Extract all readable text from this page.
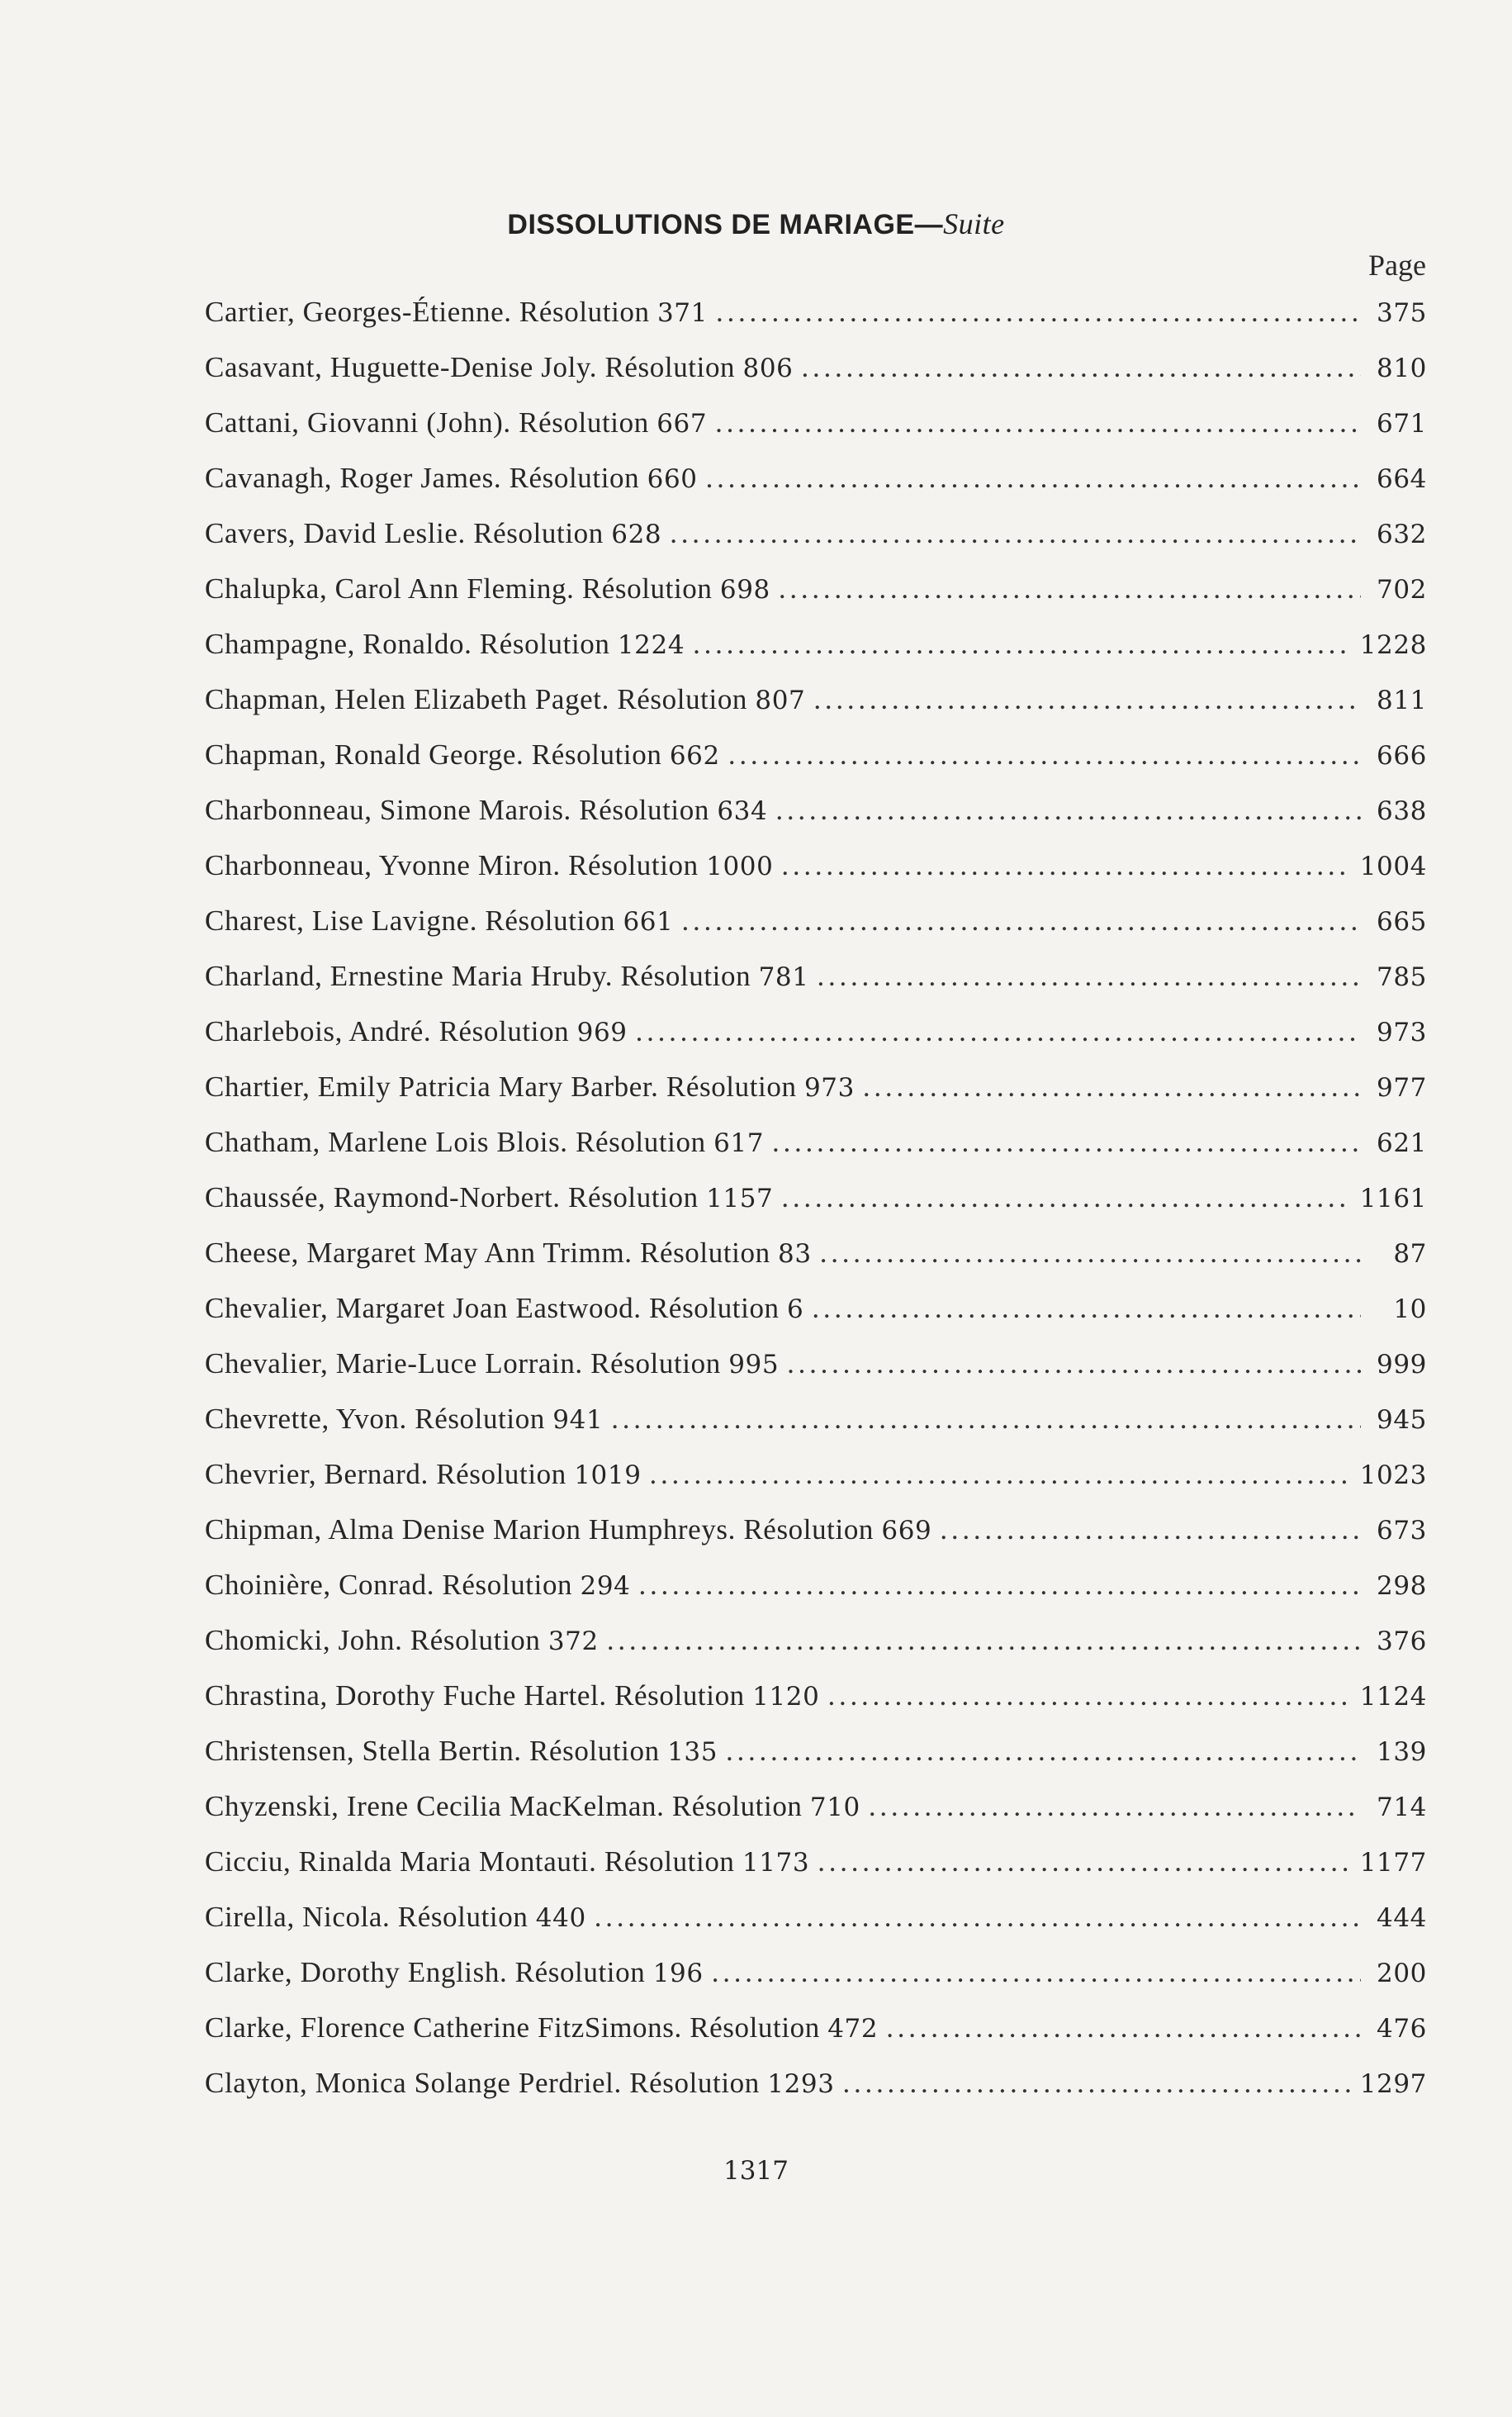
DISSOLUTIONS DE MARIAGE—Suite
Page
Cartier, Georges-Étienne. Résolution 371 . . .	375
Casavant, Huguette-Denise Joly. Résolution 806 . . .	810
Cattani, Giovanni (John). Résolution 667 . . .	671
Cavanagh, Roger James. Résolution 660 . . .	664
Cavers, David Leslie. Résolution 628 . . .	632
Chalupka, Carol Ann Fleming. Résolution 698 . . .	702
Champagne, Ronaldo. Résolution 1224 . . .	1228
Chapman, Helen Elizabeth Paget. Résolution 807 . . .	811
Chapman, Ronald George. Résolution 662 . . .	666
Charbonneau, Simone Marois. Résolution 634 . . .	638
Charbonneau, Yvonne Miron. Résolution 1000 . . .	1004
Charest, Lise Lavigne. Résolution 661 . . .	665
Charland, Ernestine Maria Hruby. Résolution 781 . . .	785
Charlebois, André. Résolution 969 . . .	973
Chartier, Emily Patricia Mary Barber. Résolution 973 . . .	977
Chatham, Marlene Lois Blois. Résolution 617 . . .	621
Chaussée, Raymond-Norbert. Résolution 1157 . . .	1161
Cheese, Margaret May Ann Trimm. Résolution 83 . . .	87
Chevalier, Margaret Joan Eastwood. Résolution 6 . . .	10
Chevalier, Marie-Luce Lorrain. Résolution 995 . . .	999
Chevrette, Yvon. Résolution 941 . . .	945
Chevrier, Bernard. Résolution 1019 . . .	1023
Chipman, Alma Denise Marion Humphreys. Résolution 669 . . .	673
Choinière, Conrad. Résolution 294 . . .	298
Chomicki, John. Résolution 372 . . .	376
Chrastina, Dorothy Fuche Hartel. Résolution 1120 . . .	1124
Christensen, Stella Bertin. Résolution 135 . . .	139
Chyzenski, Irene Cecilia MacKelman. Résolution 710 . . .	714
Cicciu, Rinalda Maria Montauti. Résolution 1173 . . .	1177
Cirella, Nicola. Résolution 440 . . .	444
Clarke, Dorothy English. Résolution 196 . . .	200
Clarke, Florence Catherine FitzSimons. Résolution 472 . . .	476
Clayton, Monica Solange Perdriel. Résolution 1293 . . .	1297
1317
